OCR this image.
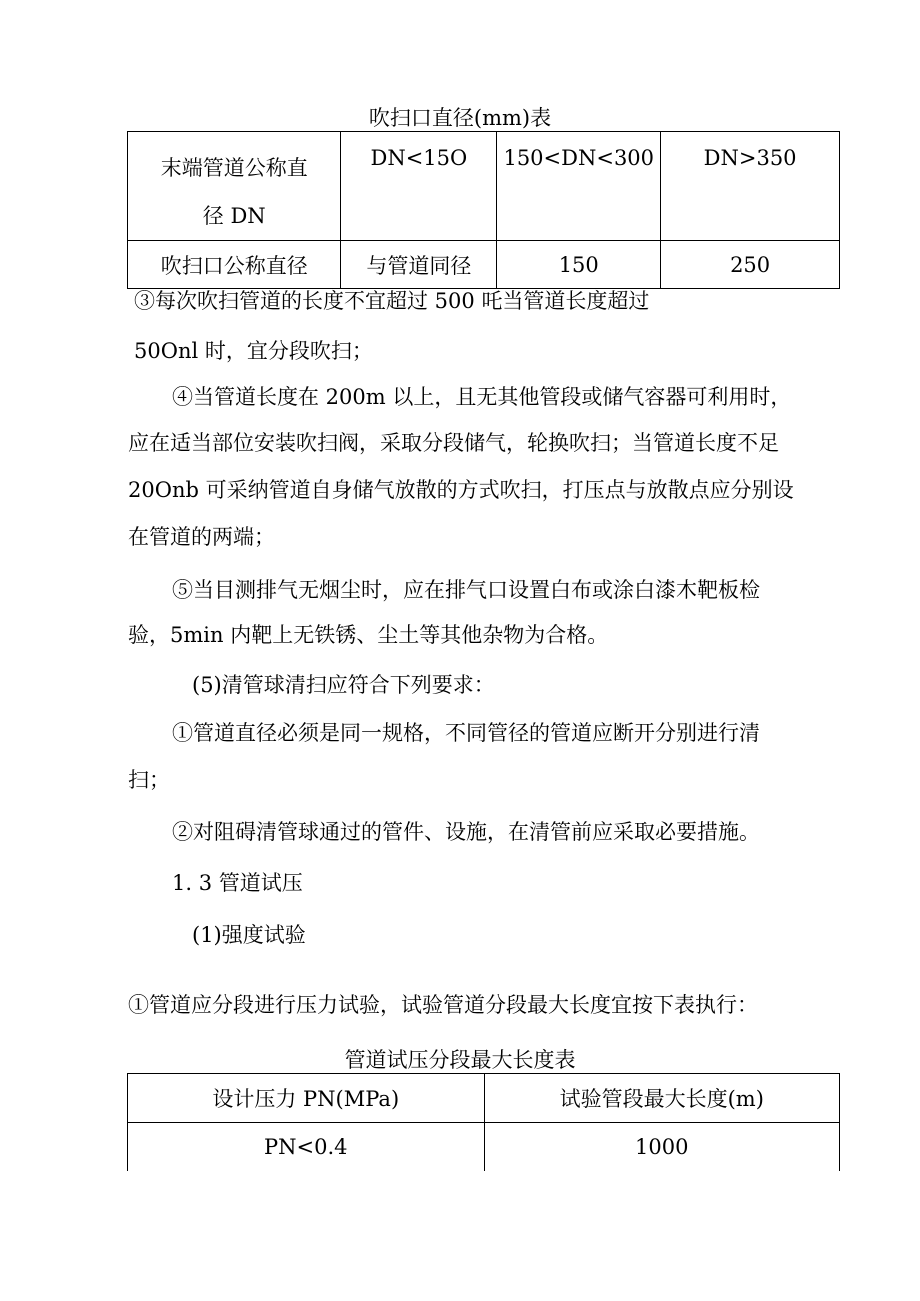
吹扫口直径(mm)表
末端管道公称直
径 DN	DN<15O	150<DN<300	DN>350
吹扫口公称直径	与管道同径	150	250
③每次吹扫管道的长度不宜超过 500 吒当管道长度超过
50Onl 时，宜分段吹扫；
④当管道长度在 200m 以上，且无其他管段或储气容器可利用时，
应在适当部位安装吹扫阀，采取分段储气，轮换吹扫；当管道长度不足
20Onb 可采纳管道自身储气放散的方式吹扫，打压点与放散点应分别设
在管道的两端；
⑤当目测排气无烟尘时，应在排气口设置白布或涂白漆木靶板检
验，5min 内靶上无铁锈、尘土等其他杂物为合格。
(5)清管球清扫应符合下列要求：
①管道直径必须是同一规格，不同管径的管道应断开分别进行清
扫；
②对阻碍清管球通过的管件、设施，在清管前应采取必要措施。
1. 3 管道试压
(1)强度试验
①管道应分段进行压力试验，试验管道分段最大长度宜按下表执行：
管道试压分段最大长度表
设计压力 PN(MPa)	试验管段最大长度(m)
PN<0.4	1000
